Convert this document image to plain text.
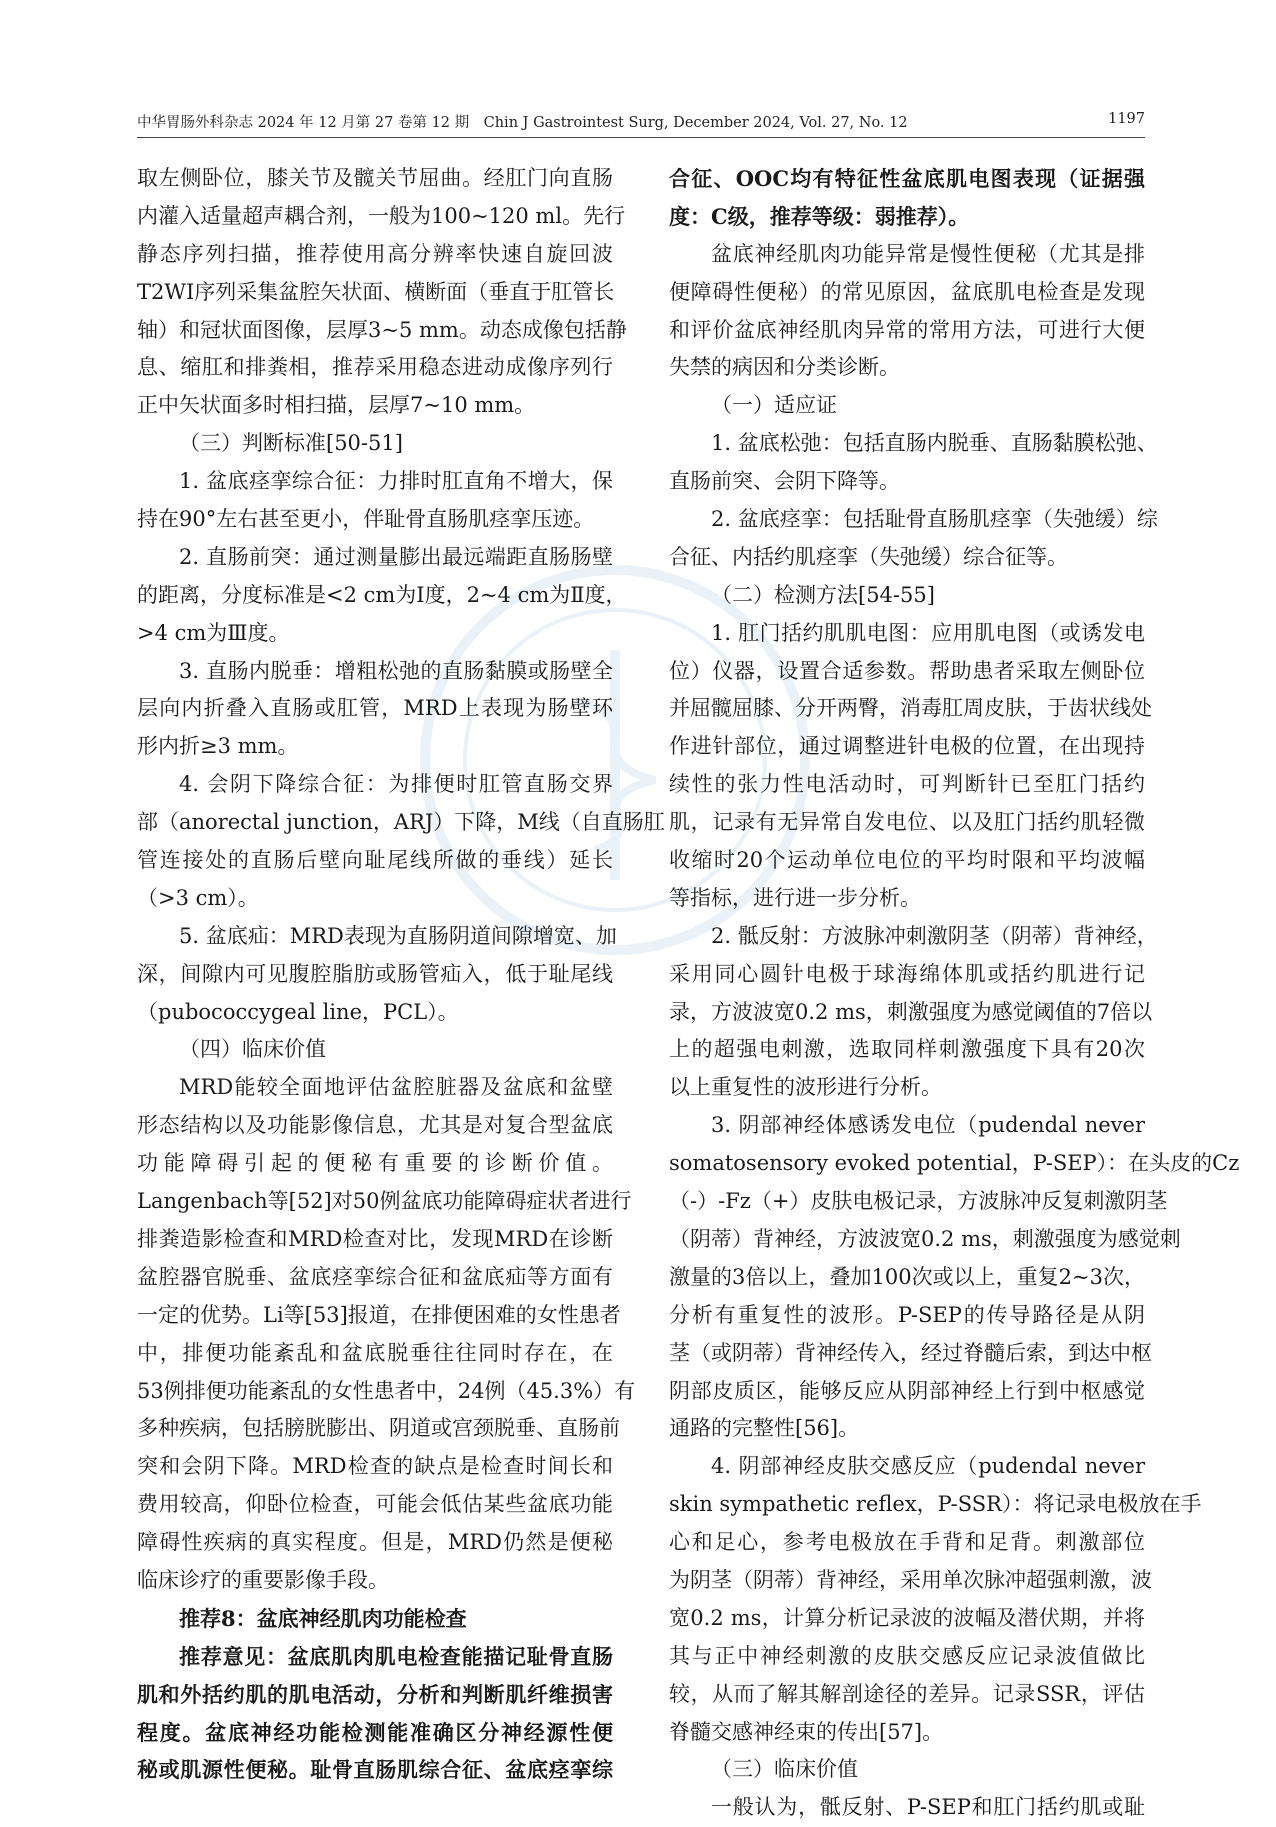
中华胃肠外科杂志 2024 年 12 月第 27 卷第 12 期　Chin J Gastrointest Surg, December 2024, Vol. 27, No. 12	1197
取左侧卧位，膝关节及髋关节屈曲。经肛门向直肠
内灌入适量超声耦合剂，一般为100~120 ml。先行
静态序列扫描，推荐使用高分辨率快速自旋回波
T2WI序列采集盆腔矢状面、横断面（垂直于肛管长
轴）和冠状面图像，层厚3~5 mm。动态成像包括静
息、缩肛和排粪相，推荐采用稳态进动成像序列行
正中矢状面多时相扫描，层厚7~10 mm。
（三）判断标准[50-51]
1. 盆底痉挛综合征：力排时肛直角不增大，保
持在90°左右甚至更小，伴耻骨直肠肌痉挛压迹。
2. 直肠前突：通过测量膨出最远端距直肠肠壁
的距离，分度标准是<2 cm为Ⅰ度，2~4 cm为Ⅱ度，
>4 cm为Ⅲ度。
3. 直肠内脱垂：增粗松弛的直肠黏膜或肠壁全
层向内折叠入直肠或肛管，MRD上表现为肠壁环
形内折≥3 mm。
4. 会阴下降综合征：为排便时肛管直肠交界
部（anorectal junction，ARJ）下降，M线（自直肠肛
管连接处的直肠后壁向耻尾线所做的垂线）延长
（>3 cm）。
5. 盆底疝：MRD表现为直肠阴道间隙增宽、加
深，间隙内可见腹腔脂肪或肠管疝入，低于耻尾线
（pubococcygeal line，PCL）。
（四）临床价值
MRD能较全面地评估盆腔脏器及盆底和盆壁
形态结构以及功能影像信息，尤其是对复合型盆底
功能障碍引起的便秘有重要的诊断价值。
Langenbach等[52]对50例盆底功能障碍症状者进行
排粪造影检查和MRD检查对比，发现MRD在诊断
盆腔器官脱垂、盆底痉挛综合征和盆底疝等方面有
一定的优势。Li等[53]报道，在排便困难的女性患者
中，排便功能紊乱和盆底脱垂往往同时存在，在
53例排便功能紊乱的女性患者中，24例（45.3%）有
多种疾病，包括膀胱膨出、阴道或宫颈脱垂、直肠前
突和会阴下降。MRD检查的缺点是检查时间长和
费用较高，仰卧位检查，可能会低估某些盆底功能
障碍性疾病的真实程度。但是，MRD仍然是便秘
临床诊疗的重要影像手段。
推荐8：盆底神经肌肉功能检查
推荐意见：盆底肌肉肌电检查能描记耻骨直肠
肌和外括约肌的肌电活动，分析和判断肌纤维损害
程度。盆底神经功能检测能准确区分神经源性便
秘或肌源性便秘。耻骨直肠肌综合征、盆底痉挛综
合征、OOC均有特征性盆底肌电图表现（证据强
度：C级，推荐等级：弱推荐）。
盆底神经肌肉功能异常是慢性便秘（尤其是排
便障碍性便秘）的常见原因，盆底肌电检查是发现
和评价盆底神经肌肉异常的常用方法，可进行大便
失禁的病因和分类诊断。
（一）适应证
1. 盆底松弛：包括直肠内脱垂、直肠黏膜松弛、
直肠前突、会阴下降等。
2. 盆底痉挛：包括耻骨直肠肌痉挛（失弛缓）综
合征、内括约肌痉挛（失弛缓）综合征等。
（二）检测方法[54-55]
1. 肛门括约肌肌电图：应用肌电图（或诱发电
位）仪器，设置合适参数。帮助患者采取左侧卧位
并屈髋屈膝、分开两臀，消毒肛周皮肤，于齿状线处
作进针部位，通过调整进针电极的位置，在出现持
续性的张力性电活动时，可判断针已至肛门括约
肌，记录有无异常自发电位、以及肛门括约肌轻微
收缩时20个运动单位电位的平均时限和平均波幅
等指标，进行进一步分析。
2. 骶反射：方波脉冲刺激阴茎（阴蒂）背神经，
采用同心圆针电极于球海绵体肌或括约肌进行记
录，方波波宽0.2 ms，刺激强度为感觉阈值的7倍以
上的超强电刺激，选取同样刺激强度下具有20次
以上重复性的波形进行分析。
3. 阴部神经体感诱发电位（pudendal never
somatosensory evoked potential，P-SEP）：在头皮的Cz
（-）-Fz（+）皮肤电极记录，方波脉冲反复刺激阴茎
（阴蒂）背神经，方波波宽0.2 ms，刺激强度为感觉刺
激量的3倍以上，叠加100次或以上，重复2~3次，
分析有重复性的波形。P-SEP的传导路径是从阴
茎（或阴蒂）背神经传入，经过脊髓后索，到达中枢
阴部皮质区，能够反应从阴部神经上行到中枢感觉
通路的完整性[56]。
4. 阴部神经皮肤交感反应（pudendal never
skin sympathetic reflex，P-SSR）：将记录电极放在手
心和足心，参考电极放在手背和足背。刺激部位
为阴茎（阴蒂）背神经，采用单次脉冲超强刺激，波
宽0.2 ms，计算分析记录波的波幅及潜伏期，并将
其与正中神经刺激的皮肤交感反应记录波值做比
较，从而了解其解剖途径的差异。记录SSR，评估
脊髓交感神经束的传出[57]。
（三）临床价值
一般认为，骶反射、P-SEP和肛门括约肌或耻
